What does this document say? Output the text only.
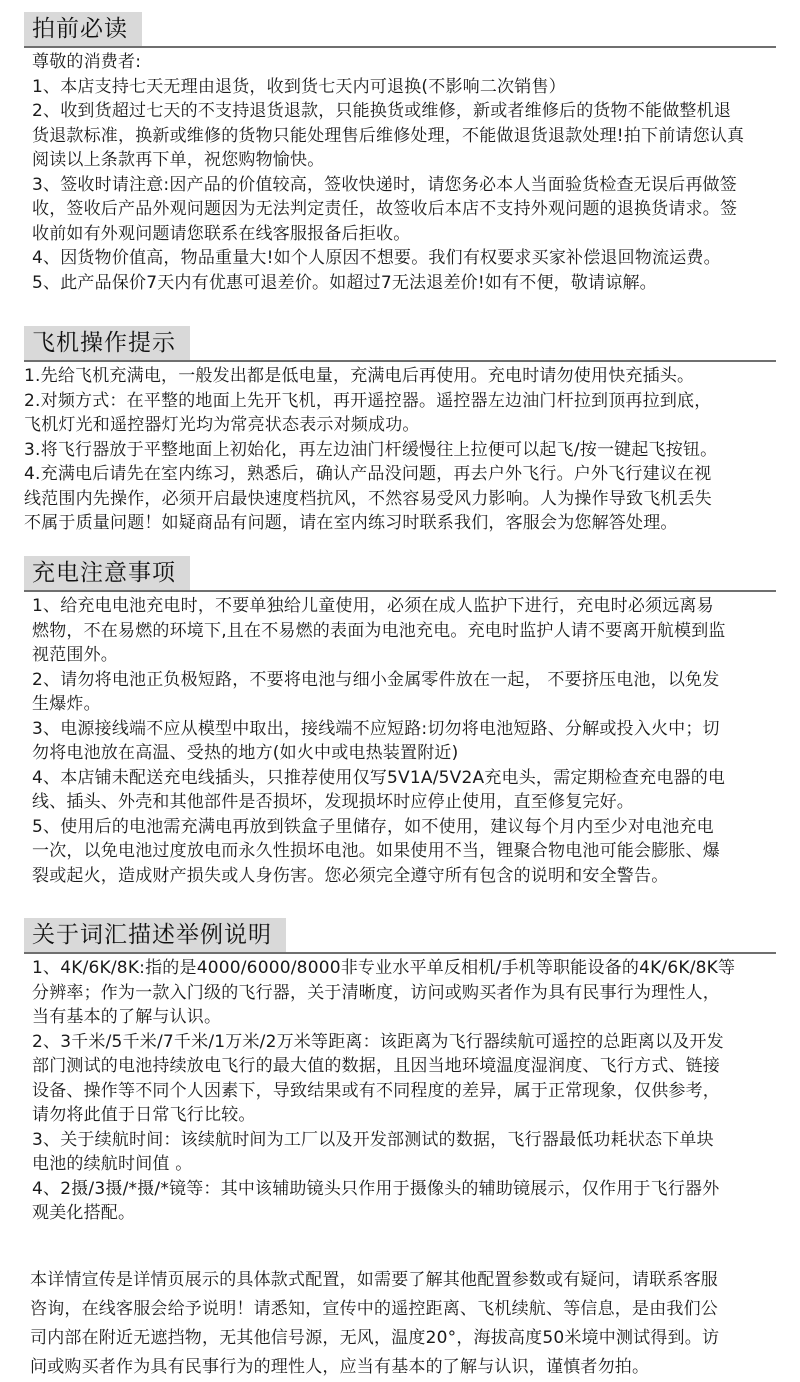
拍前必读
尊敬的消费者:
1、本店支持七天无理由退货，收到货七天内可退换(不影响二次销售）
2、收到货超过七天的不支持退货退款，只能换货或维修，新或者维修后的货物不能做整机退
货退款标准，换新或维修的货物只能处理售后维修处理，不能做退货退款处理!拍下前请您认真
阅读以上条款再下单，祝您购物愉快。
3、签收时请注意:因产品的价值较高，签收快递时，请您务必本人当面验货检查无误后再做签
收，签收后产品外观问题因为无法判定责任，故签收后本店不支持外观问题的退换货请求。签
收前如有外观问题请您联系在线客服报备后拒收。
4、因货物价值高，物品重量大!如个人原因不想要。我们有权要求买家补偿退回物流运费。
5、此产品保价7天内有优惠可退差价。如超过7无法退差价!如有不便，敬请谅解。
飞机操作提示
1.先给飞机充满电，一般发出都是低电量，充满电后再使用。充电时请勿使用快充插头。
2.对频方式：在平整的地面上先开飞机，再开遥控器。遥控器左边油门杆拉到顶再拉到底，
飞机灯光和遥控器灯光均为常亮状态表示对频成功。
3.将飞行器放于平整地面上初始化，再左边油门杆缓慢往上拉便可以起飞/按一键起飞按钮。
4.充满电后请先在室内练习，熟悉后，确认产品没问题，再去户外飞行。户外飞行建议在视
线范围内先操作，必须开启最快速度档抗风，不然容易受风力影响。人为操作导致飞机丢失
不属于质量问题！如疑商品有问题，请在室内练习时联系我们，客服会为您解答处理。
充电注意事项
1、给充电电池充电时，不要单独给儿童使用，必须在成人监护下进行，充电时必须远离易
燃物，不在易燃的环境下,且在不易燃的表面为电池充电。充电时监护人请不要离开航模到监
视范围外。
2、请勿将电池正负极短路，不要将电池与细小金属零件放在一起， 不要挤压电池，以免发
生爆炸。
3、电源接线端不应从模型中取出，接线端不应短路:切勿将电池短路、分解或投入火中；切
勿将电池放在高温、受热的地方(如火中或电热装置附近)
4、本店铺未配送充电线插头，只推荐使用仅写5V1A/5V2A充电头，需定期检查充电器的电
线、插头、外壳和其他部件是否损坏，发现损坏时应停止使用，直至修复完好。
5、使用后的电池需充满电再放到铁盒子里储存，如不使用，建议每个月内至少对电池充电
一次，以免电池过度放电而永久性损坏电池。如果使用不当，锂聚合物电池可能会膨胀、爆
裂或起火，造成财产损失或人身伤害。您必须完全遵守所有包含的说明和安全警告。
关于词汇描述举例说明
1、4K/6K/8K:指的是4000/6000/8000非专业水平单反相机/手机等职能设备的4K/6K/8K等
分辨率；作为一款入门级的飞行器，关于清晰度，访问或购买者作为具有民事行为理性人，
当有基本的了解与认识。
2、3千米/5千米/7千米/1万米/2万米等距离：该距离为飞行器续航可遥控的总距离以及开发
部门测试的电池持续放电飞行的最大值的数据，且因当地环境温度湿润度、飞行方式、链接
设备、操作等不同个人因素下，导致结果或有不同程度的差异，属于正常现象，仅供参考，
请勿将此值于日常飞行比较。
3、关于续航时间：该续航时间为工厂以及开发部测试的数据，飞行器最低功耗状态下单块
电池的续航时间值 。
4、2摄/3摄/*摄/*镜等：其中该辅助镜头只作用于摄像头的辅助镜展示，仅作用于飞行器外
观美化搭配。
本详情宣传是详情页展示的具体款式配置，如需要了解其他配置参数或有疑问，请联系客服
咨询，在线客服会给予说明！请悉知，宣传中的遥控距离、飞机续航、等信息，是由我们公
司内部在附近无遮挡物，无其他信号源，无风，温度20°，海拔高度50米境中测试得到。访
问或购买者作为具有民事行为的理性人，应当有基本的了解与认识，谨慎者勿拍。
